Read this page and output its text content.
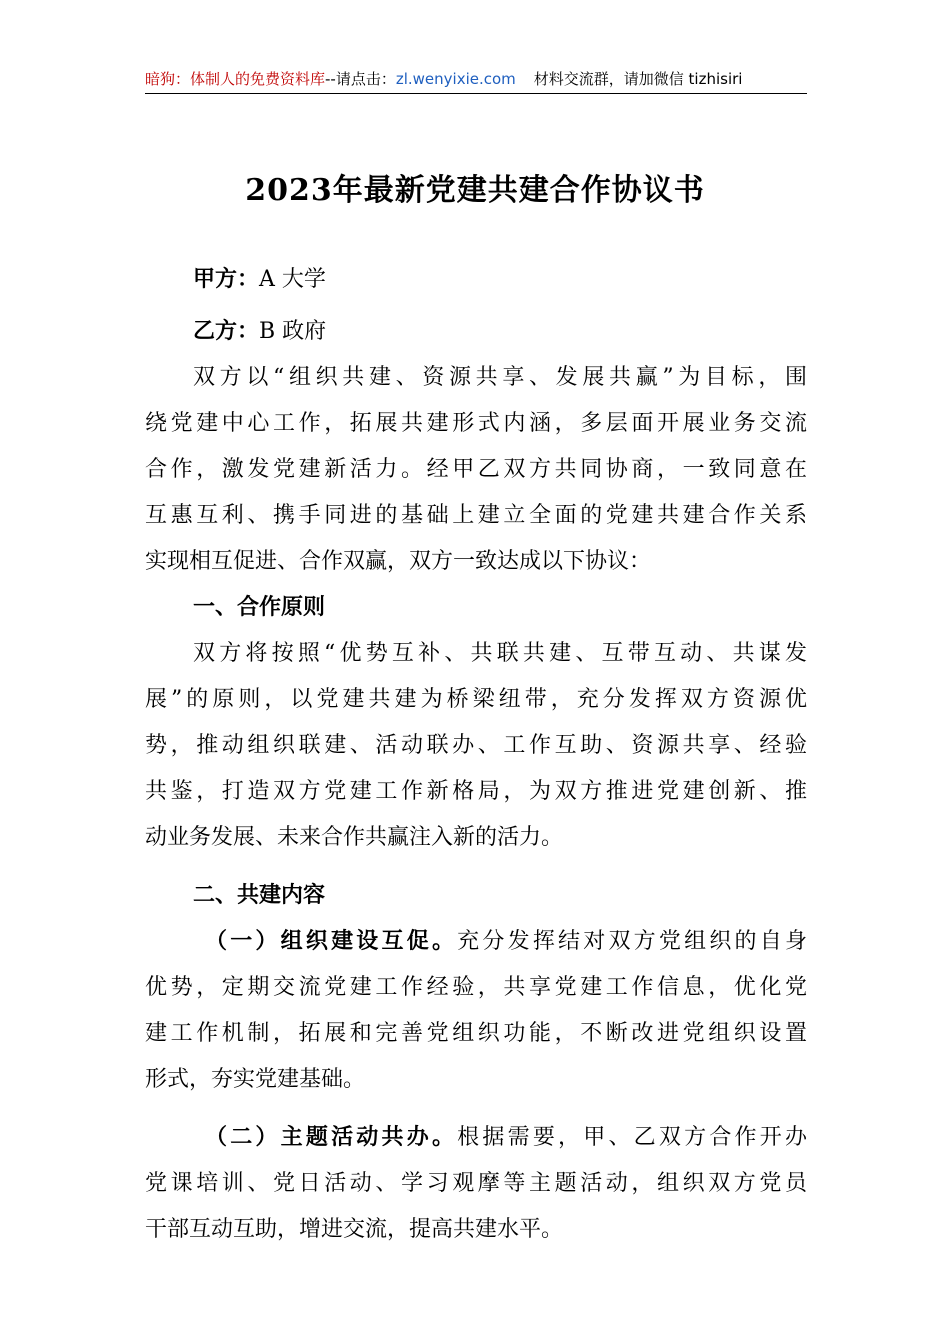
暗狗：体制人的免费资料库--请点击：zl.wenyixie.com 材料交流群，请加微信 tizhisiri
2023年最新党建共建合作协议书
甲方：A 大学
乙方：B 政府
双方以“组织共建、资源共享、发展共赢”为目标，围
绕党建中心工作，拓展共建形式内涵，多层面开展业务交流
合作，激发党建新活力。经甲乙双方共同协商，一致同意在
互惠互利、携手同进的基础上建立全面的党建共建合作关系
实现相互促进、合作双赢，双方一致达成以下协议：
一、合作原则
双方将按照“优势互补、共联共建、互带互动、共谋发
展”的原则，以党建共建为桥梁纽带，充分发挥双方资源优
势，推动组织联建、活动联办、工作互助、资源共享、经验
共鉴，打造双方党建工作新格局，为双方推进党建创新、推
动业务发展、未来合作共赢注入新的活力。
二、共建内容
（一）组织建设互促。充分发挥结对双方党组织的自身
优势，定期交流党建工作经验，共享党建工作信息，优化党
建工作机制，拓展和完善党组织功能，不断改进党组织设置
形式，夯实党建基础。
（二）主题活动共办。根据需要，甲、乙双方合作开办
党课培训、党日活动、学习观摩等主题活动，组织双方党员
干部互动互助，增进交流，提高共建水平。
